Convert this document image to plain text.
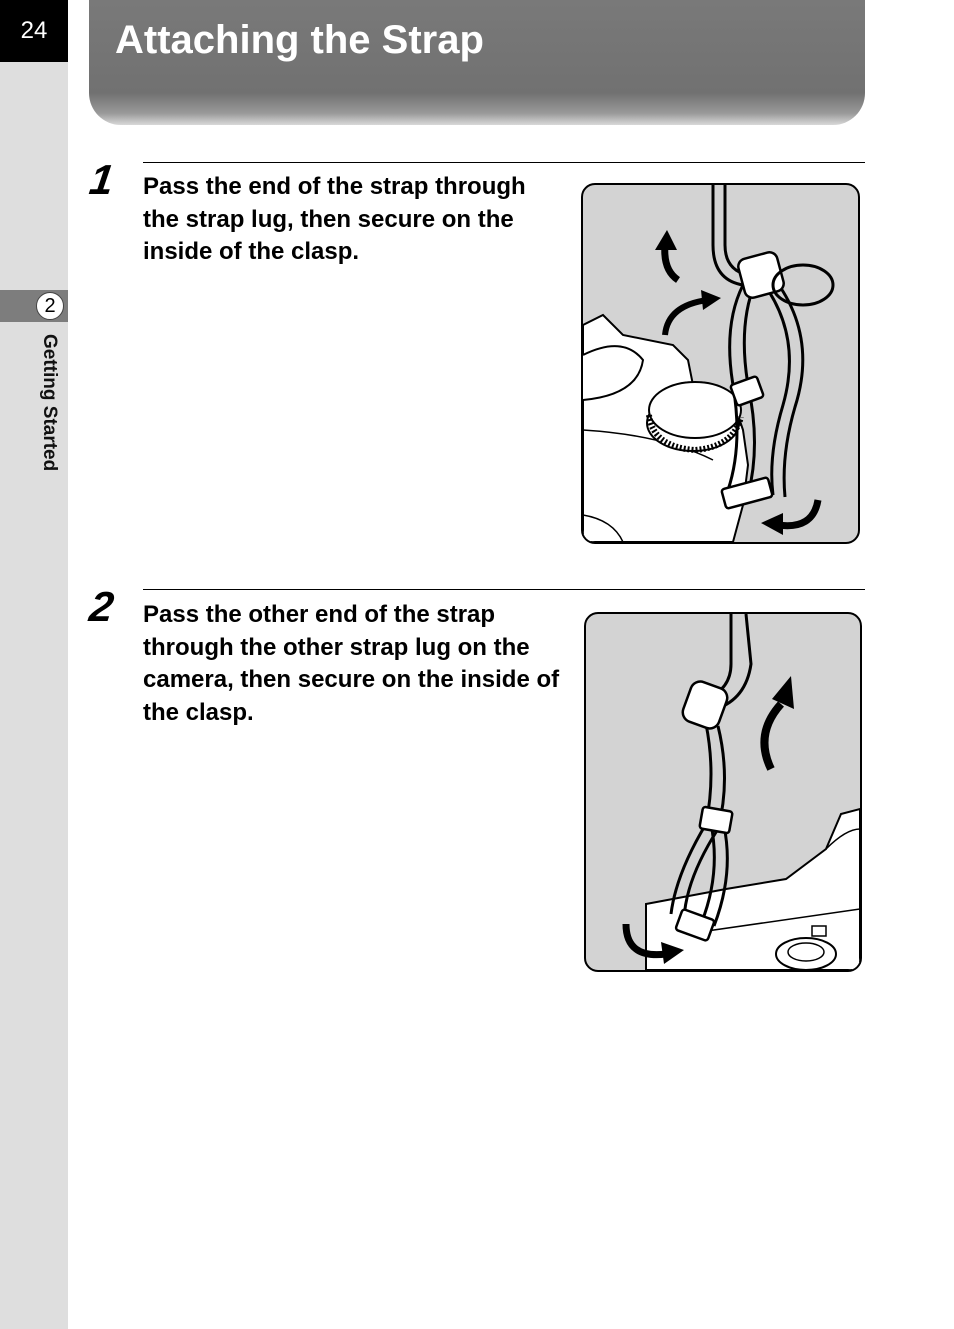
24
2
Getting Started
Attaching the Strap
1 Pass the end of the strap through the strap lug, then secure on the inside of the clasp.
2 Pass the other end of the strap through the other strap lug on the camera, then secure on the inside of the clasp.
